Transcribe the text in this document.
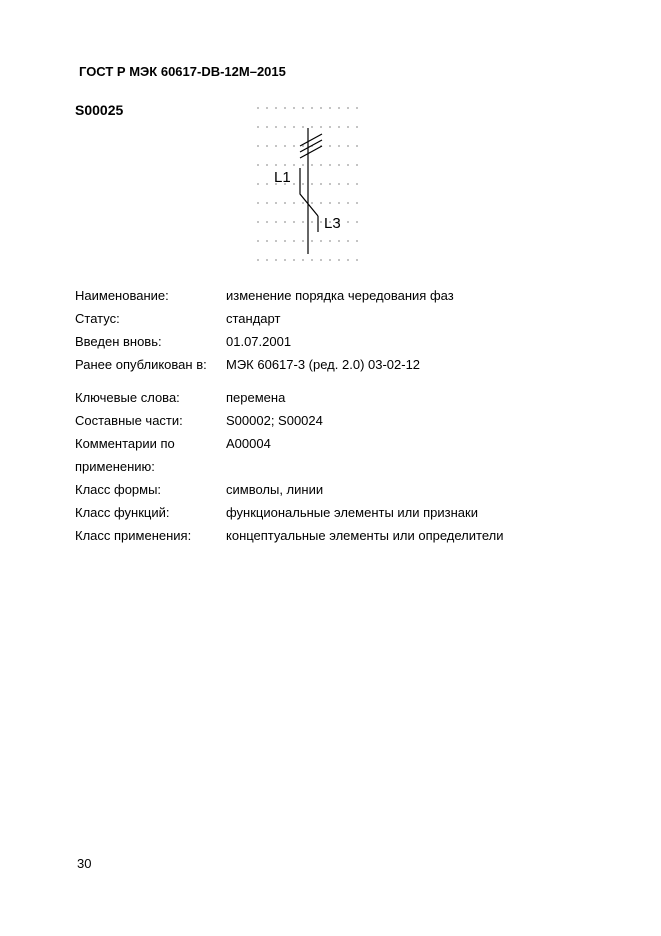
ГОСТ Р МЭК 60617-DB-12M–2015
S00025
L1
L3
Наименование:	изменение порядка чередования фаз
Статус:	стандарт
Введен вновь:	01.07.2001
Ранее опубликован в: МЭК 60617-3 (ред. 2.0) 03-02-12
Ключевые слова:	перемена
Составные части:	S00002; S00024
Комментарии по	A00004
применению:
Класс формы:	символы, линии
Класс функций:	функциональные элементы или признаки
Класс применения:	концептуальные элементы или определители
30
